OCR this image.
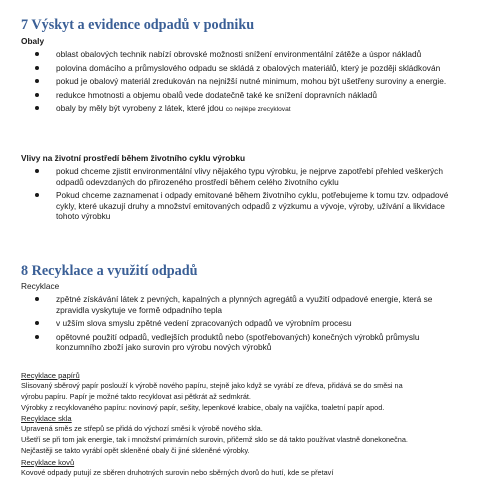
7 Výskyt a evidence odpadů v podniku
Obaly
oblast obalových technik nabízí obrovské možnosti snížení environmentální zátěže a úspor nákladů
polovina domácího a průmyslového odpadu se skládá z obalových materiálů, který je později skládkován
pokud je obalový materiál zredukován na nejnižší nutné minimum, mohou být ušetřeny suroviny a energie.
redukce hmotnosti a objemu obalů vede dodatečně také ke snížení dopravních nákladů
obaly by měly být vyrobeny z látek, které jdou co nejlépe zrecyklovat
Vlivy na životní prostředí během životního cyklu výrobku
pokud chceme zjistit environmentální vlivy nějakého typu výrobku, je nejprve zapotřebí přehled veškerých odpadů odevzdaných do přirozeného prostředí během celého životního cyklu
Pokud chceme zaznamenat i odpady emitované během životního cyklu, potřebujeme k tomu tzv. odpadové cykly, které ukazují druhy a množství emitovaných odpadů z výzkumu a vývoje, výroby, užívání a likvidace tohoto výrobku
8 Recyklace a využití odpadů
Recyklace
zpětné získávání látek z pevných, kapalných a plynných agregátů a využití odpadové energie, která se zpravidla vyskytuje ve formě odpadního tepla
v užším slova smyslu zpětné vedení zpracovaných odpadů ve výrobním procesu
opětovné použití odpadů, vedlejších produktů nebo (spotřebovaných) konečných výrobků průmyslu konzumního zboží jako surovin pro výrobu nových výrobků
Recyklace papírů
Slisovaný sběrový papír poslouží k výrobě nového papíru, stejně jako když se vyrábí ze dřeva, přidává se do směsi na
výrobu papíru. Papír je možné takto recyklovat asi pětkrát až sedmkrát.
Výrobky z recyklovaného papíru: novinový papír, sešity, lepenkové krabice, obaly na vajíčka, toaletní papír apod.
Recyklace skla
Upravená směs ze střepů se přidá do výchozí směsi k výrobě nového skla.
Ušetří se při tom jak energie, tak i množství primárních surovin, přičemž sklo se dá takto používat vlastně donekonečna.
Nejčastěji se takto vyrábí opět skleněné obaly či jiné skleněné výrobky.
Recyklace kovů
Kovové odpady putují ze sběren druhotných surovin nebo sběrných dvorů do hutí, kde se přetaví
